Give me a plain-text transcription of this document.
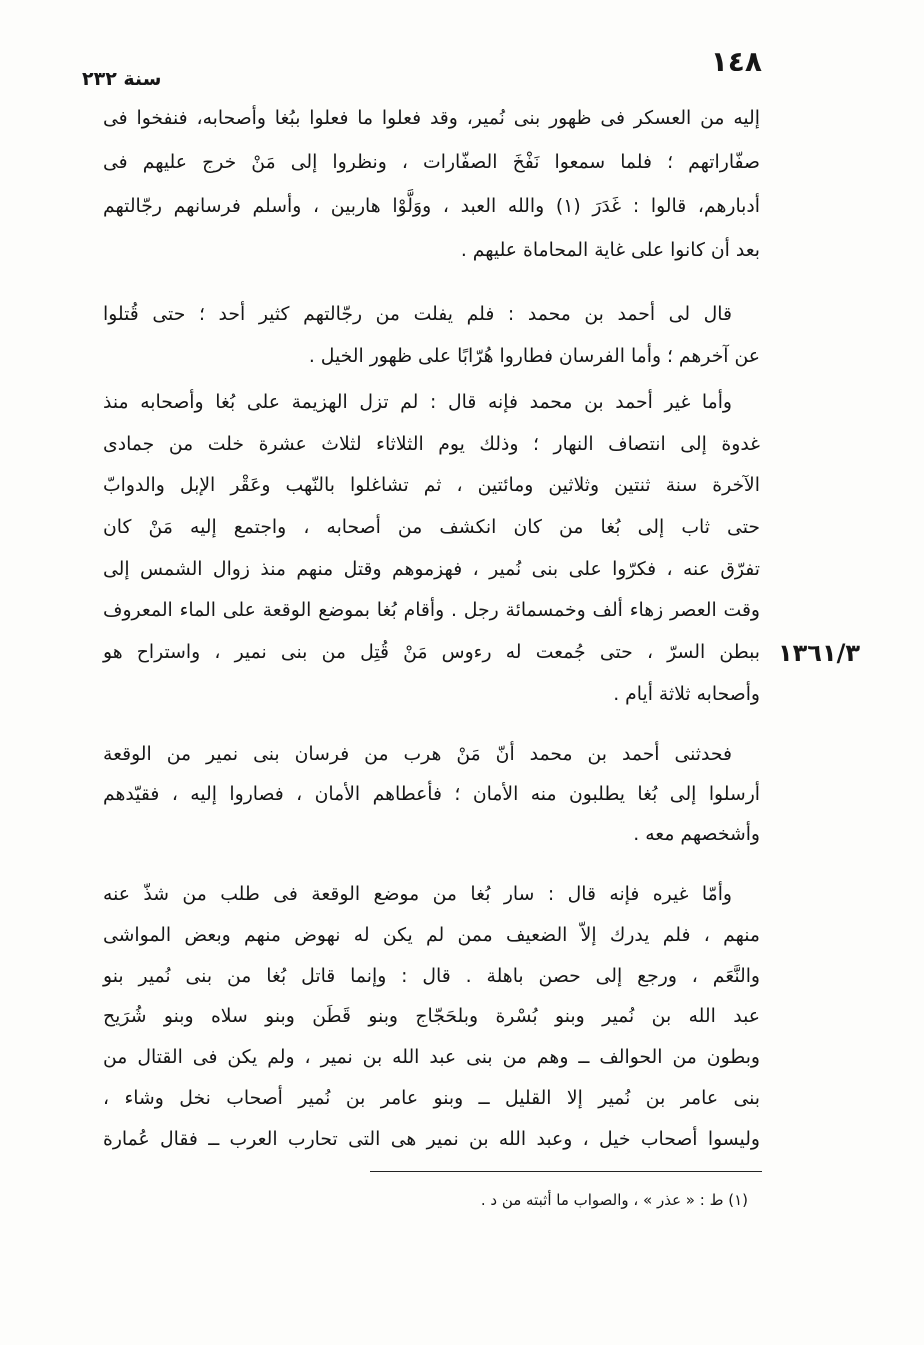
١٤٨
سنة ٢٣٢
إليه من العسكر فى ظهور بنى نُمير، وقد فعلوا ما فعلوا ببُغا وأصحابه، فنفخوا فى
صفّاراتهم ؛ فلما سمعوا نَفْخَ الصفّارات ، ونظروا إلى مَنْ خرج عليهم فى
أدبارهم، قالوا : غَدَرَ (١) والله العبد ، ووَلَّوْا هاربين ، وأسلم فرسانهم رجّالتهم
بعد أن كانوا على غاية المحاماة عليهم .
قال لى أحمد بن محمد : فلم يفلت من رجّالتهم كثير أحد ؛ حتى قُتلوا
عن آخرهم ؛ وأما الفرسان فطاروا هُرّابًا على ظهور الخيل .
وأما غير أحمد بن محمد فإنه قال : لم تزل الهزيمة على بُغا وأصحابه منذ
غدوة إلى انتصاف النهار ؛ وذلك يوم الثلاثاء لثلاث عشرة خلت من جمادى
الآخرة سنة ثنتين وثلاثين ومائتين ، ثم تشاغلوا بالنّهب وعَقْر الإبل والدوابّ
حتى ثاب إلى بُغا من كان انكشف من أصحابه ، واجتمع إليه مَنْ كان
تفرّق عنه ، فكرّوا على بنى نُمير ، فهزموهم وقتل منهم منذ زوال الشمس إلى
وقت العصر زهاء ألف وخمسمائة رجل . وأقام بُغا بموضع الوقعة على الماء المعروف
ببطن السرّ ، حتى جُمعت له رءوس مَنْ قُتِل من بنى نمير ، واستراح هو
وأصحابه ثلاثة أيام .
١٣٦١/٣
فحدثنى أحمد بن محمد أنّ مَنْ هرب من فرسان بنى نمير من الوقعة
أرسلوا إلى بُغا يطلبون منه الأمان ؛ فأعطاهم الأمان ، فصاروا إليه ، فقيّدهم
وأشخصهم معه .
وأمّا غيره فإنه قال : سار بُغا من موضع الوقعة فى طلب من شذّ عنه
منهم ، فلم يدرك إلاّ الضعيف ممن لم يكن له نهوض منهم وبعض المواشى
والنَّعَم ، ورجع إلى حصن باهلة . قال : وإنما قاتل بُغا من بنى نُمير بنو
عبد الله بن نُمير وبنو بُسْرة وبلحَجّاج وبنو قَطَن وبنو سلاه وبنو شُرَيح
وبطون من الحوالف ــ وهم من بنى عبد الله بن نمير ، ولم يكن فى القتال من
بنى عامر بن نُمير إلا القليل ــ وبنو عامر بن نُمير أصحاب نخل وشاء ،
وليسوا أصحاب خيل ، وعبد الله بن نمير هى التى تحارب العرب ــ فقال عُمارة
(١) ط : « عذر » ، والصواب ما أثبته من د .
